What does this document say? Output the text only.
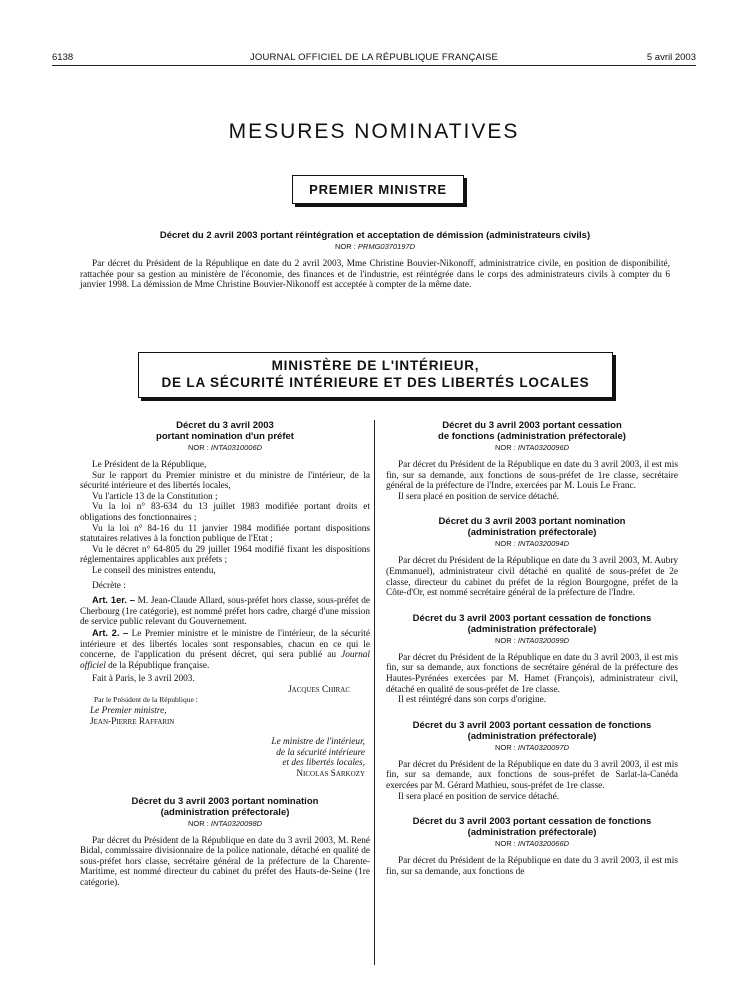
6138	JOURNAL OFFICIEL DE LA RÉPUBLIQUE FRANÇAISE	5 avril 2003
MESURES NOMINATIVES
PREMIER MINISTRE
Décret du 2 avril 2003 portant réintégration et acceptation de démission (administrateurs civils)
NOR : PRMG0370197D

Par décret du Président de la République en date du 2 avril 2003, Mme Christine Bouvier-Nikonoff, administratrice civile, en position de disponibilité, rattachée pour sa gestion au ministère de l'économie, des finances et de l'industrie, est réintégrée dans le corps des administrateurs civils à compter du 6 janvier 1998. La démission de Mme Christine Bouvier-Nikonoff est acceptée à compter de la même date.

MINISTÈRE DE L'INTÉRIEUR,
DE LA SÉCURITÉ INTÉRIEURE ET DES LIBERTÉS LOCALES
Décret du 3 avril 2003
portant nomination d'un préfet
NOR : INTA0310006D

Le Président de la République,

Sur le rapport du Premier ministre et du ministre de l'intérieur, de la sécurité intérieure et des libertés locales,

Vu l'article 13 de la Constitution ;

Vu la loi n° 83-634 du 13 juillet 1983 modifiée portant droits et obligations des fonctionnaires ;

Vu la loi n° 84-16 du 11 janvier 1984 modifiée portant dispositions statutaires relatives à la fonction publique de l'Etat ;

Vu le décret n° 64-805 du 29 juillet 1964 modifié fixant les dispositions réglementaires applicables aux préfets ;

Le conseil des ministres entendu,

Décrète :

Art. 1er. – M. Jean-Claude Allard, sous-préfet hors classe, sous-préfet de Cherbourg (1re catégorie), est nommé préfet hors cadre, chargé d'une mission de service public relevant du Gouvernement.

Art. 2. – Le Premier ministre et le ministre de l'intérieur, de la sécurité intérieure et des libertés locales sont responsables, chacun en ce qui le concerne, de l'application du présent décret, qui sera publié au Journal officiel de la République française.

Fait à Paris, le 3 avril 2003.

Jacques Chirac
Par le Président de la République :
Le Premier ministre,
Jean-Pierre Raffarin
Le ministre de l'intérieur,
de la sécurité intérieure
et des libertés locales,
Nicolas Sarkozy
Décret du 3 avril 2003 portant nomination
(administration préfectorale)
NOR : INTA0320098D

Par décret du Président de la République en date du 3 avril 2003, M. René Bidal, commissaire divisionnaire de la police nationale, détaché en qualité de sous-préfet hors classe, secrétaire général de la préfecture de la Charente-Maritime, est nommé directeur du cabinet du préfet des Hauts-de-Seine (1re catégorie).

Décret du 3 avril 2003 portant cessation
de fonctions (administration préfectorale)
NOR : INTA0320096D

Par décret du Président de la République en date du 3 avril 2003, il est mis fin, sur sa demande, aux fonctions de sous-préfet de 1re classe, secrétaire général de la préfecture de l'Indre, exercées par M. Louis Le Franc.

Il sera placé en position de service détaché.

Décret du 3 avril 2003 portant nomination
(administration préfectorale)
NOR : INTA0320094D

Par décret du Président de la République en date du 3 avril 2003, M. Aubry (Emmanuel), administrateur civil détaché en qualité de sous-préfet de 2e classe, directeur du cabinet du préfet de la région Bourgogne, préfet de la Côte-d'Or, est nommé secrétaire général de la préfecture de l'Indre.

Décret du 3 avril 2003 portant cessation de fonctions
(administration préfectorale)
NOR : INTA0320099D

Par décret du Président de la République en date du 3 avril 2003, il est mis fin, sur sa demande, aux fonctions de secrétaire général de la préfecture des Hautes-Pyrénées exercées par M. Hamet (François), administrateur civil, détaché en qualité de sous-préfet de 1re classe.

Il est réintégré dans son corps d'origine.

Décret du 3 avril 2003 portant cessation de fonctions
(administration préfectorale)
NOR : INTA0320097D

Par décret du Président de la République en date du 3 avril 2003, il est mis fin, sur sa demande, aux fonctions de sous-préfet de Sarlat-la-Canéda exercées par M. Gérard Mathieu, sous-préfet de 1re classe.

Il sera placé en position de service détaché.

Décret du 3 avril 2003 portant cessation de fonctions
(administration préfectorale)
NOR : INTA0320066D

Par décret du Président de la République en date du 3 avril 2003, il est mis fin, sur sa demande, aux fonctions de
